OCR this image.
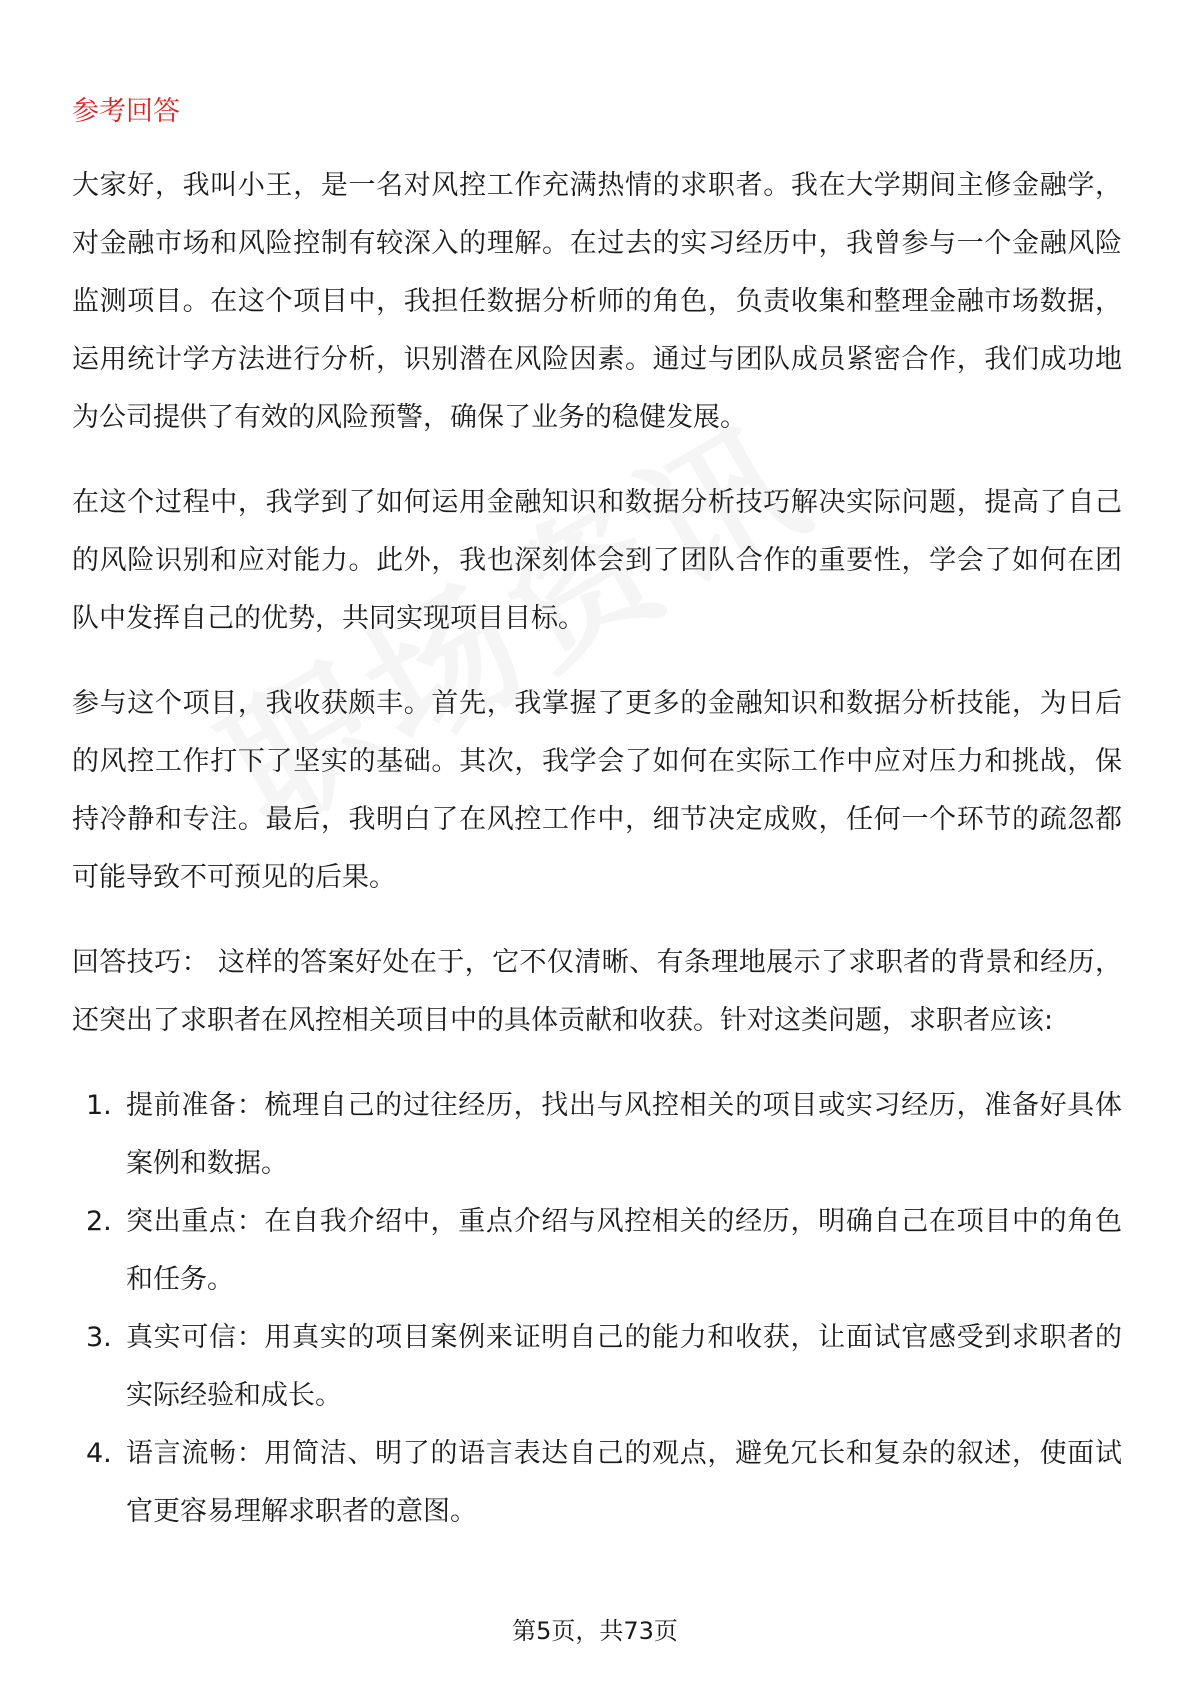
参考回答

大家好，我叫小王，是一名对风控工作充满热情的求职者。我在大学期间主修金融学，对金融市场和风险控制有较深入的理解。在过去的实习经历中，我曾参与一个金融风险监测项目。在这个项目中，我担任数据分析师的角色，负责收集和整理金融市场数据，运用统计学方法进行分析，识别潜在风险因素。通过与团队成员紧密合作，我们成功地为公司提供了有效的风险预警，确保了业务的稳健发展。

在这个过程中，我学到了如何运用金融知识和数据分析技巧解决实际问题，提高了自己的风险识别和应对能力。此外，我也深刻体会到了团队合作的重要性，学会了如何在团队中发挥自己的优势，共同实现项目目标。

参与这个项目，我收获颇丰。首先，我掌握了更多的金融知识和数据分析技能，为日后的风控工作打下了坚实的基础。其次，我学会了如何在实际工作中应对压力和挑战，保持冷静和专注。最后，我明白了在风控工作中，细节决定成败，任何一个环节的疏忽都可能导致不可预见的后果。

回答技巧： 这样的答案好处在于，它不仅清晰、有条理地展示了求职者的背景和经历，还突出了求职者在风控相关项目中的具体贡献和收获。针对这类问题，求职者应该:

1. 提前准备：梳理自己的过往经历，找出与风控相关的项目或实习经历，准备好具体案例和数据。
2. 突出重点：在自我介绍中，重点介绍与风控相关的经历，明确自己在项目中的角色和任务。
3. 真实可信：用真实的项目案例来证明自己的能力和收获，让面试官感受到求职者的实际经验和成长。
4. 语言流畅：用简洁、明了的语言表达自己的观点，避免冗长和复杂的叙述，使面试官更容易理解求职者的意图。
第5页，共73页
